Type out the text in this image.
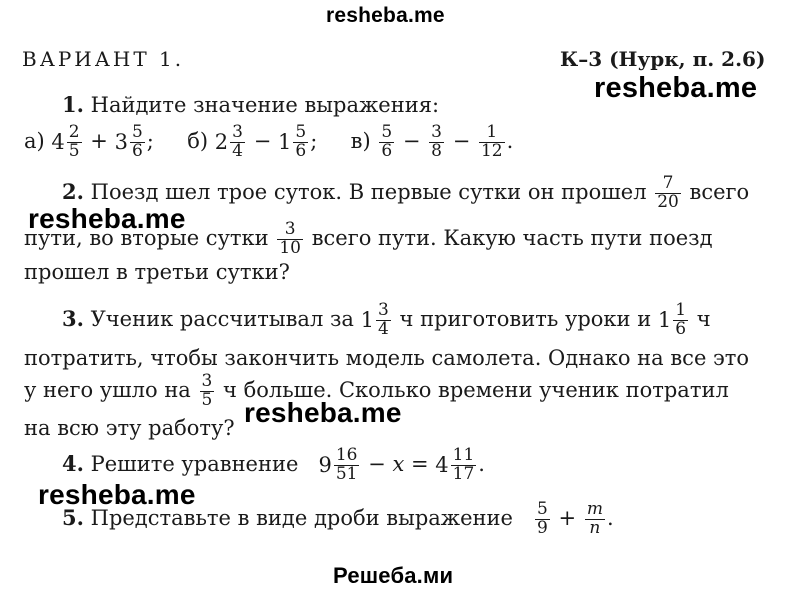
resheba.me
resheba.me
resheba.me
resheba.me
resheba.me
Решеба.ми
ВАРИАНТ 1.	К–3 (Нурк, п. 2.6)
1. Найдите значение выражения:
а) $4 \frac{2}{5} + 3 \frac{5}{6}$ ; б) $2 \frac{3}{4} - 1 \frac{5}{6}$ ; $в) \frac{5}{6} - \frac{3}{8} - \frac{1}{12}$ .
2. Поезд шел трое суток. В первые сутки он прошел $\frac{7}{20}$ всего
пути, во вторые сутки $\frac{3}{10}$ всего пути. Какую часть пути поезд
прошел в третьи сутки?
3. Ученик рассчитывал за $1 \frac{3}{4}$ ч приготовить уроки и $1 \frac{1}{6}$ ч
потратить, чтобы закончить модель самолета. Однако на все это
у него ушло на $\frac{3}{5}$ ч больше. Сколько времени ученик потратил
на всю эту работу?
4. Решите уравнение $9 \frac{16}{51} - x = 4 \frac{11}{17}$ .
5. Представьте в виде дроби выражение $\frac{5}{9} + \frac{m}{n}$ .
